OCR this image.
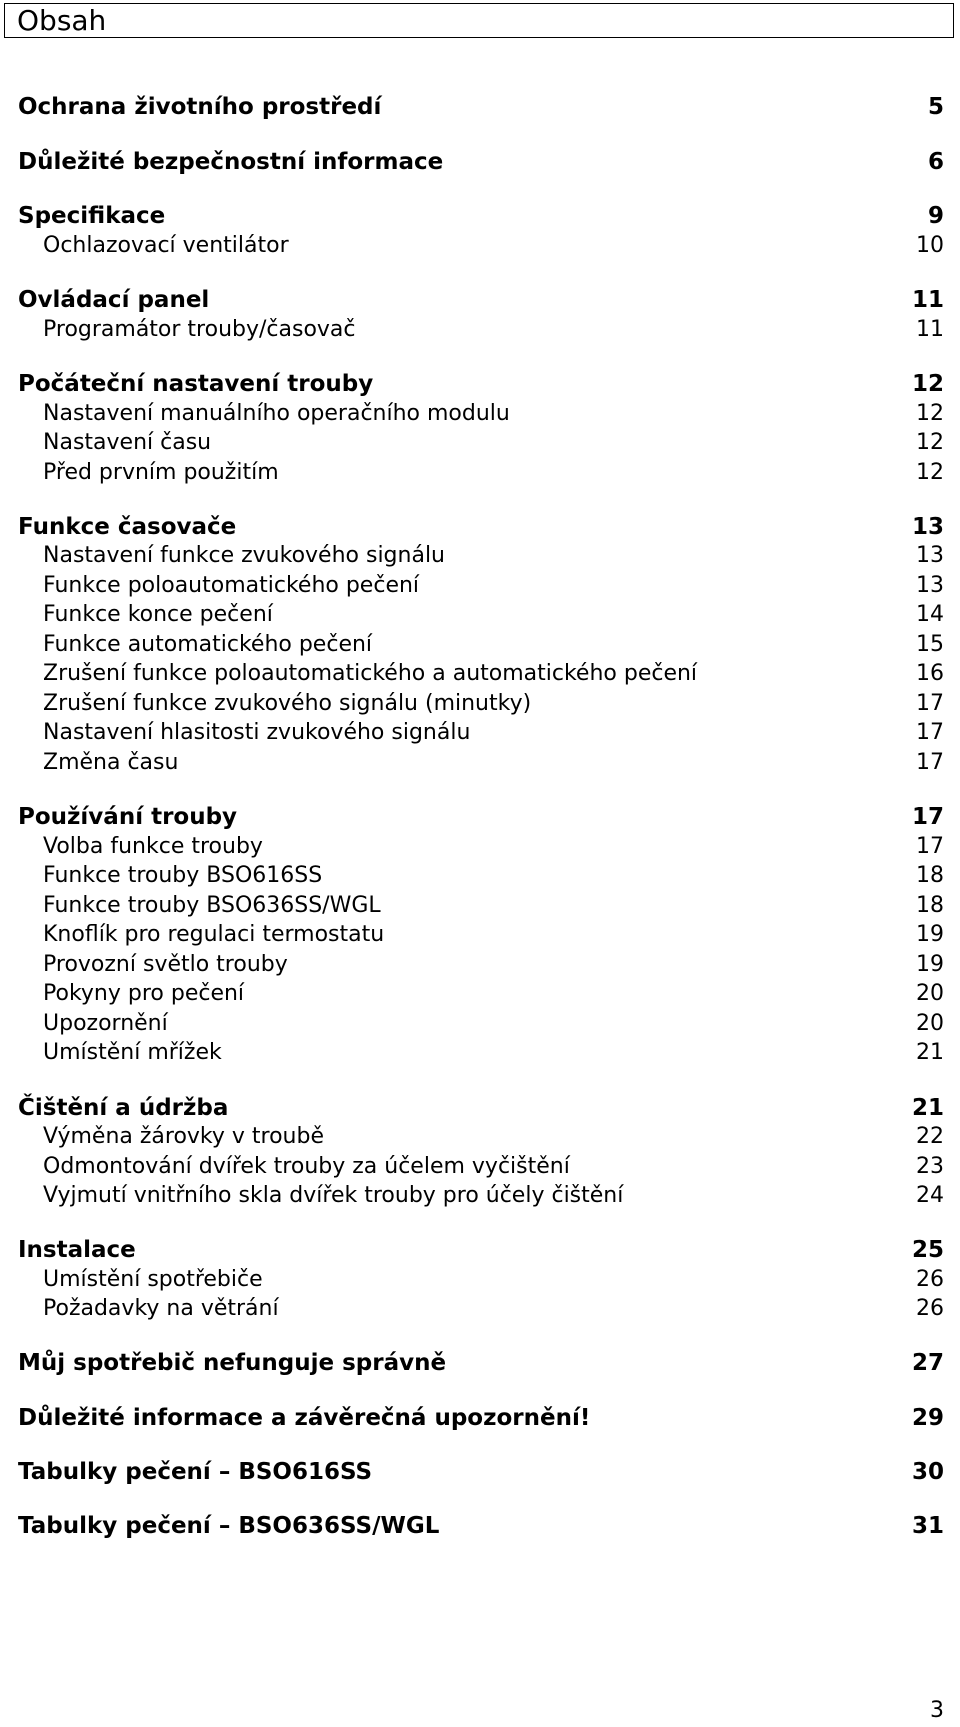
Obsah
Ochrana životního prostředí	5
Důležité bezpečnostní informace	6
Specifikace	9
Ochlazovací ventilátor	10
Ovládací panel	11
Programátor trouby/časovač	11
Počáteční nastavení trouby	12
Nastavení manuálního operačního modulu	12
Nastavení času	12
Před prvním použitím	12
Funkce časovače	13
Nastavení funkce zvukového signálu	13
Funkce poloautomatického pečení	13
Funkce konce pečení	14
Funkce automatického pečení	15
Zrušení funkce poloautomatického a automatického pečení	16
Zrušení funkce zvukového signálu (minutky)	17
Nastavení hlasitosti zvukového signálu	17
Změna času	17
Používání trouby	17
Volba funkce trouby	17
Funkce trouby BSO616SS	18
Funkce trouby BSO636SS/WGL	18
Knoflík pro regulaci termostatu	19
Provozní světlo trouby	19
Pokyny pro pečení	20
Upozornění	20
Umístění mřížek	21
Čištění a údržba	21
Výměna žárovky v troubě	22
Odmontování dvířek trouby za účelem vyčištění	23
Vyjmutí vnitřního skla dvířek trouby pro účely čištění	24
Instalace	25
Umístění spotřebiče	26
Požadavky na větrání	26
Můj spotřebič nefunguje správně	27
Důležité informace a závěrečná upozornění!	29
Tabulky pečení – BSO616SS	30
Tabulky pečení – BSO636SS/WGL	31
3
